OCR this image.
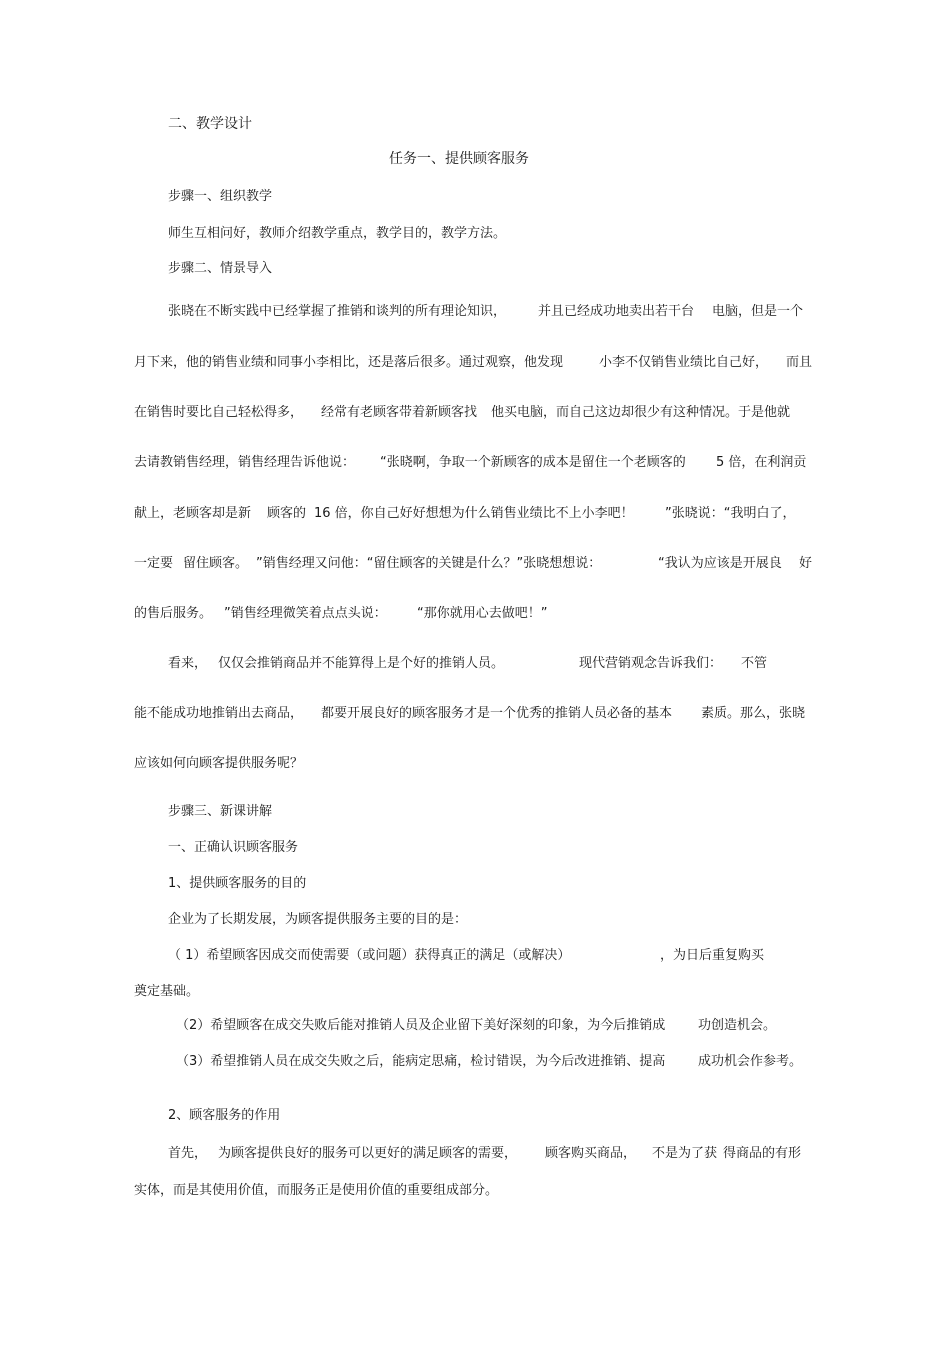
二、教学设计
任务一、提供顾客服务
步骤一、组织教学
师生互相问好，教师介绍教学重点，教学目的，教学方法。
步骤二、情景导入
张晓在不断实践中已经掌握了推销和谈判的所有理论知识， 并且已经成功地卖出若干台 电脑，但是一个
月下来，他的销售业绩和同事小李相比，还是落后很多。通过观察，他发现	小李不仅销售业绩比自己好， 而且
在销售时要比自己轻松得多， 经常有老顾客带着新顾客找 他买电脑，而自己这边却很少有这种情况。于是他就
去请教销售经理，销售经理告诉他说： “张晓啊，争取一个新顾客的成本是留住一个老顾客的 5 倍，在利润贡
献上，老顾客却是新 顾客的 16 倍，你自己好好想想为什么销售业绩比不上小李吧！ ”张晓说：“我明白了，
一定要 留住顾客。 ”销售经理又问他：“留住顾客的关键是什么？”张晓想想说：	“我认为应该是开展良 好
的售后服务。 ”销售经理微笑着点点头说： “那你就用心去做吧！”
看来， 仅仅会推销商品并不能算得上是个好的推销人员。	现代营销观念告诉我们： 不管
能不能成功地推销出去商品， 都要开展良好的顾客服务才是一个优秀的推销人员必备的基本 素质。那么，张晓
应该如何向顾客提供服务呢？
步骤三、新课讲解
一、正确认识顾客服务
1、提供顾客服务的目的
企业为了长期发展，为顾客提供服务主要的目的是：
（ 1）希望顾客因成交而使需要（或问题）获得真正的满足（或解决）	，为日后重复购买
奠定基础。
（2）希望顾客在成交失败后能对推销人员及企业留下美好深刻的印象，为今后推销成	功创造机会。
（3）希望推销人员在成交失败之后，能病定思痛，检讨错误，为今后改进推销、提高	成功机会作参考。
2、顾客服务的作用
首先， 为顾客提供良好的服务可以更好的满足顾客的需要， 顾客购买商品， 不是为了获 得商品的有形
实体，而是其使用价值，而服务正是使用价值的重要组成部分。
